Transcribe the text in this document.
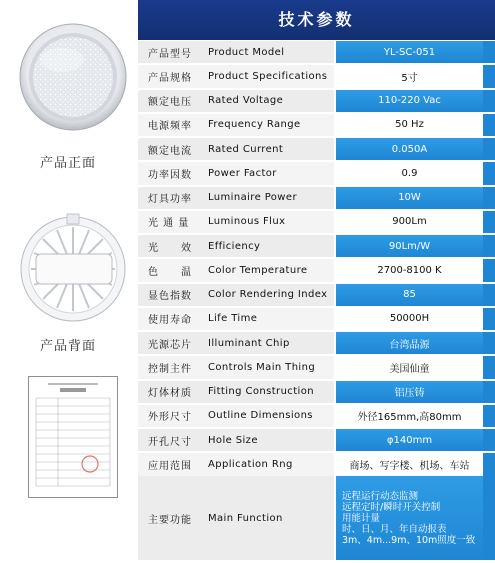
产品正面
产品背面
技术参数
产品型号 Product Model	YL-SC-051
产品规格 Product Specifications	5寸
额定电压 Rated Voltage	110-220 Vac
电源频率 Frequency Range	50 Hz
额定电流 Rated Current	0.050A
功率因数 Power Factor	0.9
灯具功率 Luminaire Power	10W
光 通 量 Luminous Flux	900Lm
光　　效 Efficiency	90Lm/W
色　　温 Color Temperature	2700-8100 K
显色指数 Color Rendering Index	85
使用寿命 Life Time	50000H
光源芯片 Illuminant Chip	台湾晶源
控制主件 Controls Main Thing	美国仙童
灯体材质 Fitting Construction	铝压铸
外形尺寸 Outline Dimensions	外径165mm,高80mm
开孔尺寸 Hole Size	φ140mm
应用范围 Application Rng	商场、写字楼、机场、车站
主要功能 Main Function
远程运行动态监测
远程定时/瞬时开关控制
用能计量
时、日、月、年自动报表
3m、4m...9m、10m照度一致
